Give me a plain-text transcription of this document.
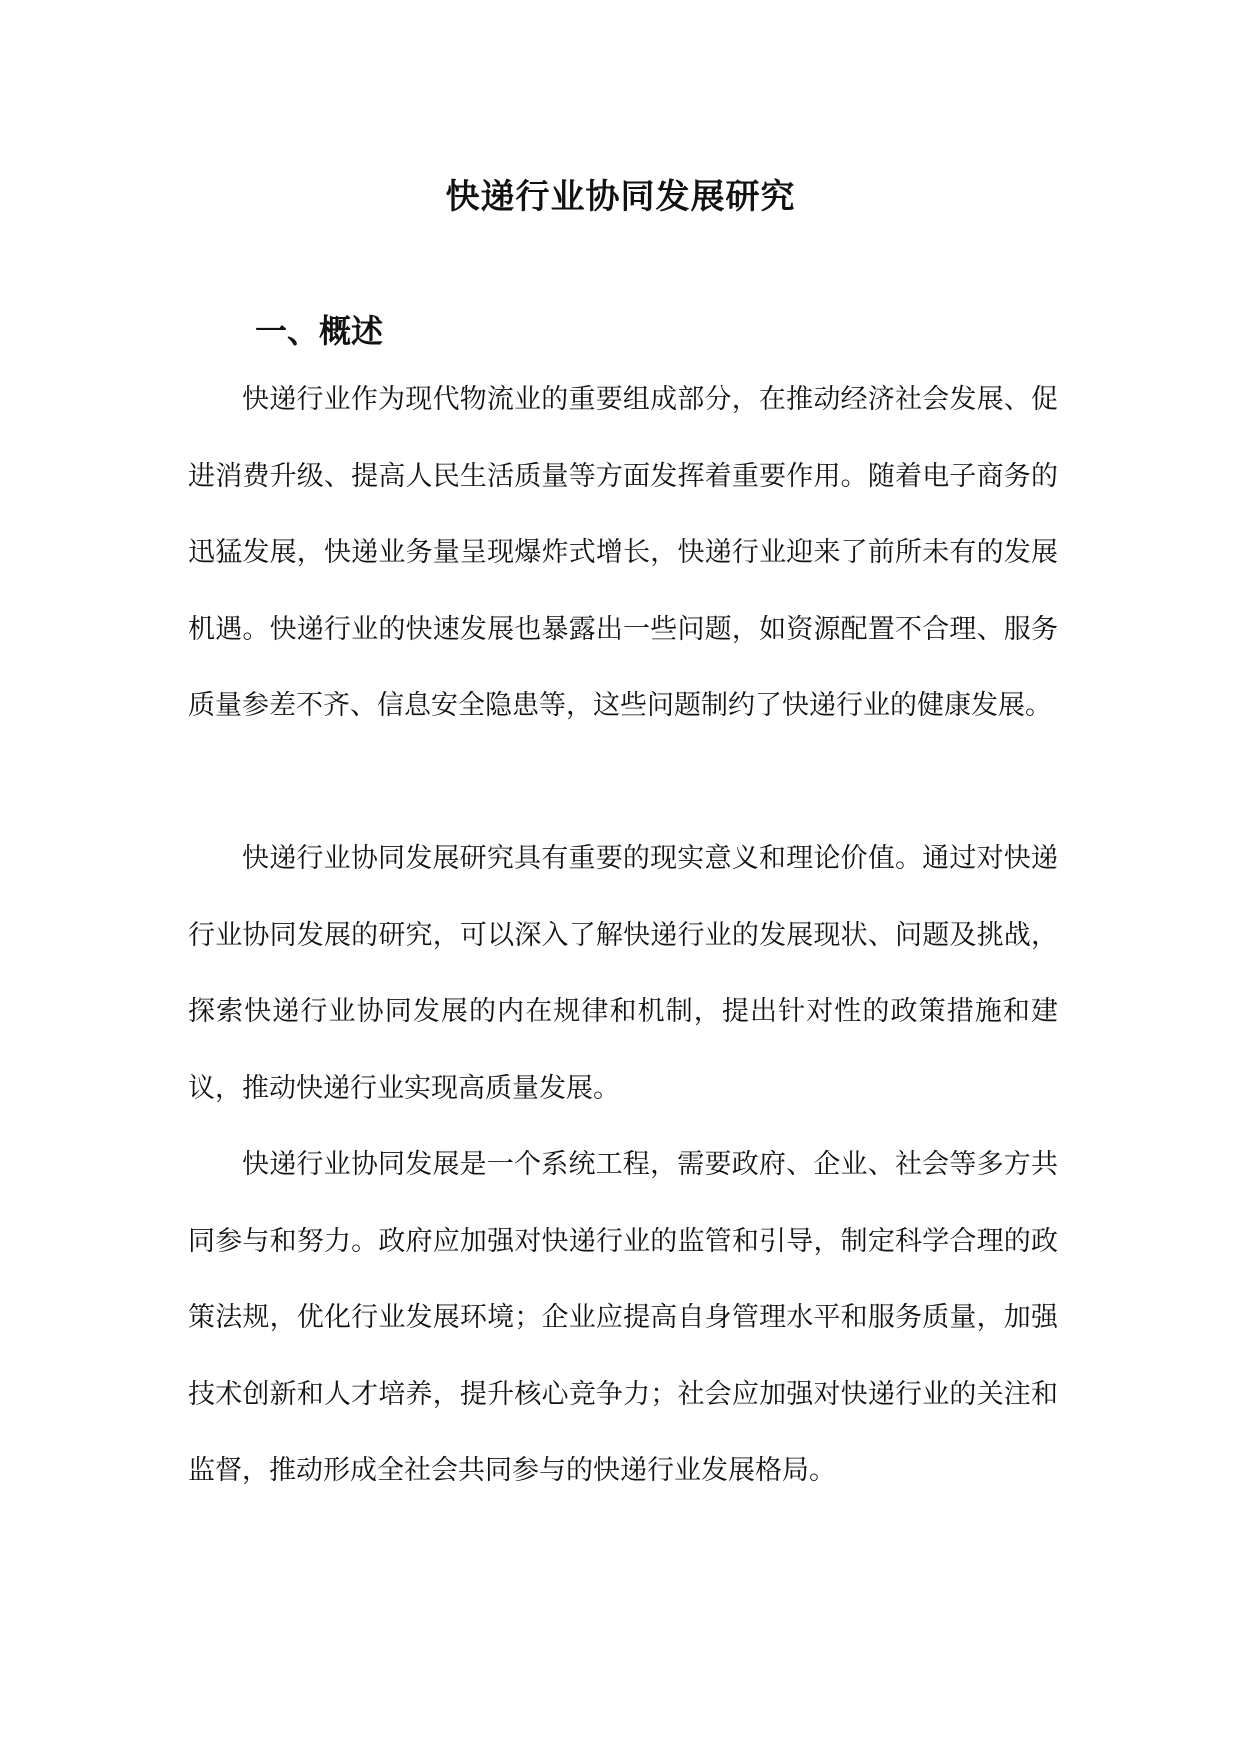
快递行业协同发展研究
一、概述

快递行业作为现代物流业的重要组成部分，在推动经济社会发展、促进消费升级、提高人民生活质量等方面发挥着重要作用。随着电子商务的迅猛发展，快递业务量呈现爆炸式增长，快递行业迎来了前所未有的发展机遇。快递行业的快速发展也暴露出一些问题，如资源配置不合理、服务质量参差不齐、信息安全隐患等，这些问题制约了快递行业的健康发展。

快递行业协同发展研究具有重要的现实意义和理论价值。通过对快递行业协同发展的研究，可以深入了解快递行业的发展现状、问题及挑战，探索快递行业协同发展的内在规律和机制，提出针对性的政策措施和建议，推动快递行业实现高质量发展。

快递行业协同发展是一个系统工程，需要政府、企业、社会等多方共同参与和努力。政府应加强对快递行业的监管和引导，制定科学合理的政策法规，优化行业发展环境；企业应提高自身管理水平和服务质量，加强技术创新和人才培养，提升核心竞争力；社会应加强对快递行业的关注和监督，推动形成全社会共同参与的快递行业发展格局。
